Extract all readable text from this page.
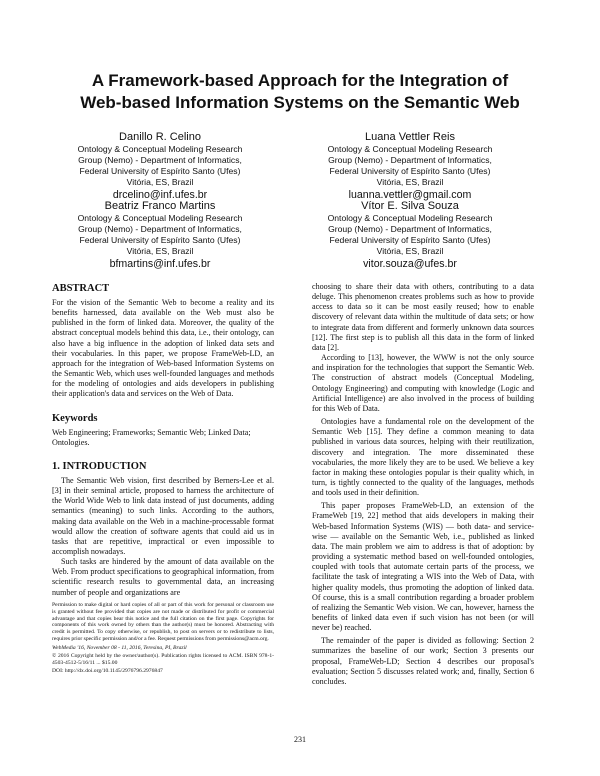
A Framework-based Approach for the Integration of
Web-based Information Systems on the Semantic Web
Danillo R. Celino
Ontology & Conceptual Modeling Research
Group (Nemo) - Department of Informatics,
Federal University of Espírito Santo (Ufes)
Vitória, ES, Brazil
drcelino@inf.ufes.br
Luana Vettler Reis
Ontology & Conceptual Modeling Research
Group (Nemo) - Department of Informatics,
Federal University of Espírito Santo (Ufes)
Vitória, ES, Brazil
luanna.vettler@gmail.com
Beatriz Franco Martins
Ontology & Conceptual Modeling Research
Group (Nemo) - Department of Informatics,
Federal University of Espírito Santo (Ufes)
Vitória, ES, Brazil
bfmartins@inf.ufes.br
Vítor E. Silva Souza
Ontology & Conceptual Modeling Research
Group (Nemo) - Department of Informatics,
Federal University of Espírito Santo (Ufes)
Vitória, ES, Brazil
vitor.souza@ufes.br
ABSTRACT

For the vision of the Semantic Web to become a reality and its benefits harnessed, data available on the Web must also be published in the form of linked data. Moreover, the quality of the abstract conceptual models behind this data, i.e., their ontology, can also have a big influence in the adoption of linked data sets and their vocabularies. In this paper, we propose FrameWeb-LD, an approach for the integration of Web-based Information Systems on the Semantic Web, which uses well-founded languages and methods for the modeling of ontologies and aids developers in publishing their application's data and services on the Web of Data.

Keywords

Web Engineering; Frameworks; Semantic Web; Linked Data; Ontologies.

1. INTRODUCTION

The Semantic Web vision, first described by Berners-Lee et al. [3] in their seminal article, proposed to harness the architecture of the World Wide Web to link data instead of just documents, adding semantics (meaning) to such links. According to the authors, making data available on the Web in a machine-processable format would allow the creation of software agents that could aid us in tasks that are repetitive, impractical or even impossible to accomplish nowadays.

Such tasks are hindered by the amount of data available on the Web. From product specifications to geographical information, from scientific research results to governmental data, an increasing number of people and organizations are

Permission to make digital or hard copies of all or part of this work for personal or classroom use is granted without fee provided that copies are not made or distributed for profit or commercial advantage and that copies bear this notice and the full citation on the first page. Copyrights for components of this work owned by others than the author(s) must be honored. Abstracting with credit is permitted. To copy otherwise, or republish, to post on servers or to redistribute to lists, requires prior specific permission and/or a fee. Request permissions from permissions@acm.org.

WebMedia '16, November 08 - 11, 2016, Teresina, PI, Brazil

© 2016 Copyright held by the owner/author(s). Publication rights licensed to ACM. ISBN 978-1-4503-4512-5/16/11 ... $15.00

DOI: http://dx.doi.org/10.1145/2976796.2976847

choosing to share their data with others, contributing to a data deluge. This phenomenon creates problems such as how to provide access to data so it can be most easily reused; how to enable discovery of relevant data within the multitude of data sets; or how to integrate data from different and formerly unknown data sources [12]. The first step is to publish all this data in the form of linked data [2].

According to [13], however, the WWW is not the only source and inspiration for the technologies that support the Semantic Web. The construction of abstract models (Conceptual Modeling, Ontology Engineering) and computing with knowledge (Logic and Artificial Intelligence) are also involved in the process of building for this Web of Data.

Ontologies have a fundamental role on the development of the Semantic Web [15]. They define a common meaning to data published in various data sources, helping with their reutilization, discovery and integration. The more disseminated these vocabularies, the more likely they are to be used. We believe a key factor in making these ontologies popular is their quality which, in turn, is tightly connected to the quality of the languages, methods and tools used in their definition.

This paper proposes FrameWeb-LD, an extension of the FrameWeb [19, 22] method that aids developers in making their Web-based Information Systems (WIS) — both data- and service-wise — available on the Semantic Web, i.e., published as linked data. The main problem we aim to address is that of adoption: by providing a systematic method based on well-founded ontologies, coupled with tools that automate certain parts of the process, we facilitate the task of integrating a WIS into the Web of Data, with higher quality models, thus promoting the adoption of linked data. Of course, this is a small contribution regarding a broader problem of realizing the Semantic Web vision. We can, however, harness the benefits of linked data even if such vision has not been (or will never be) reached.

The remainder of the paper is divided as following: Section 2 summarizes the baseline of our work; Section 3 presents our proposal, FrameWeb-LD; Section 4 describes our proposal's evaluation; Section 5 discusses related work; and, finally, Section 6 concludes.

231
